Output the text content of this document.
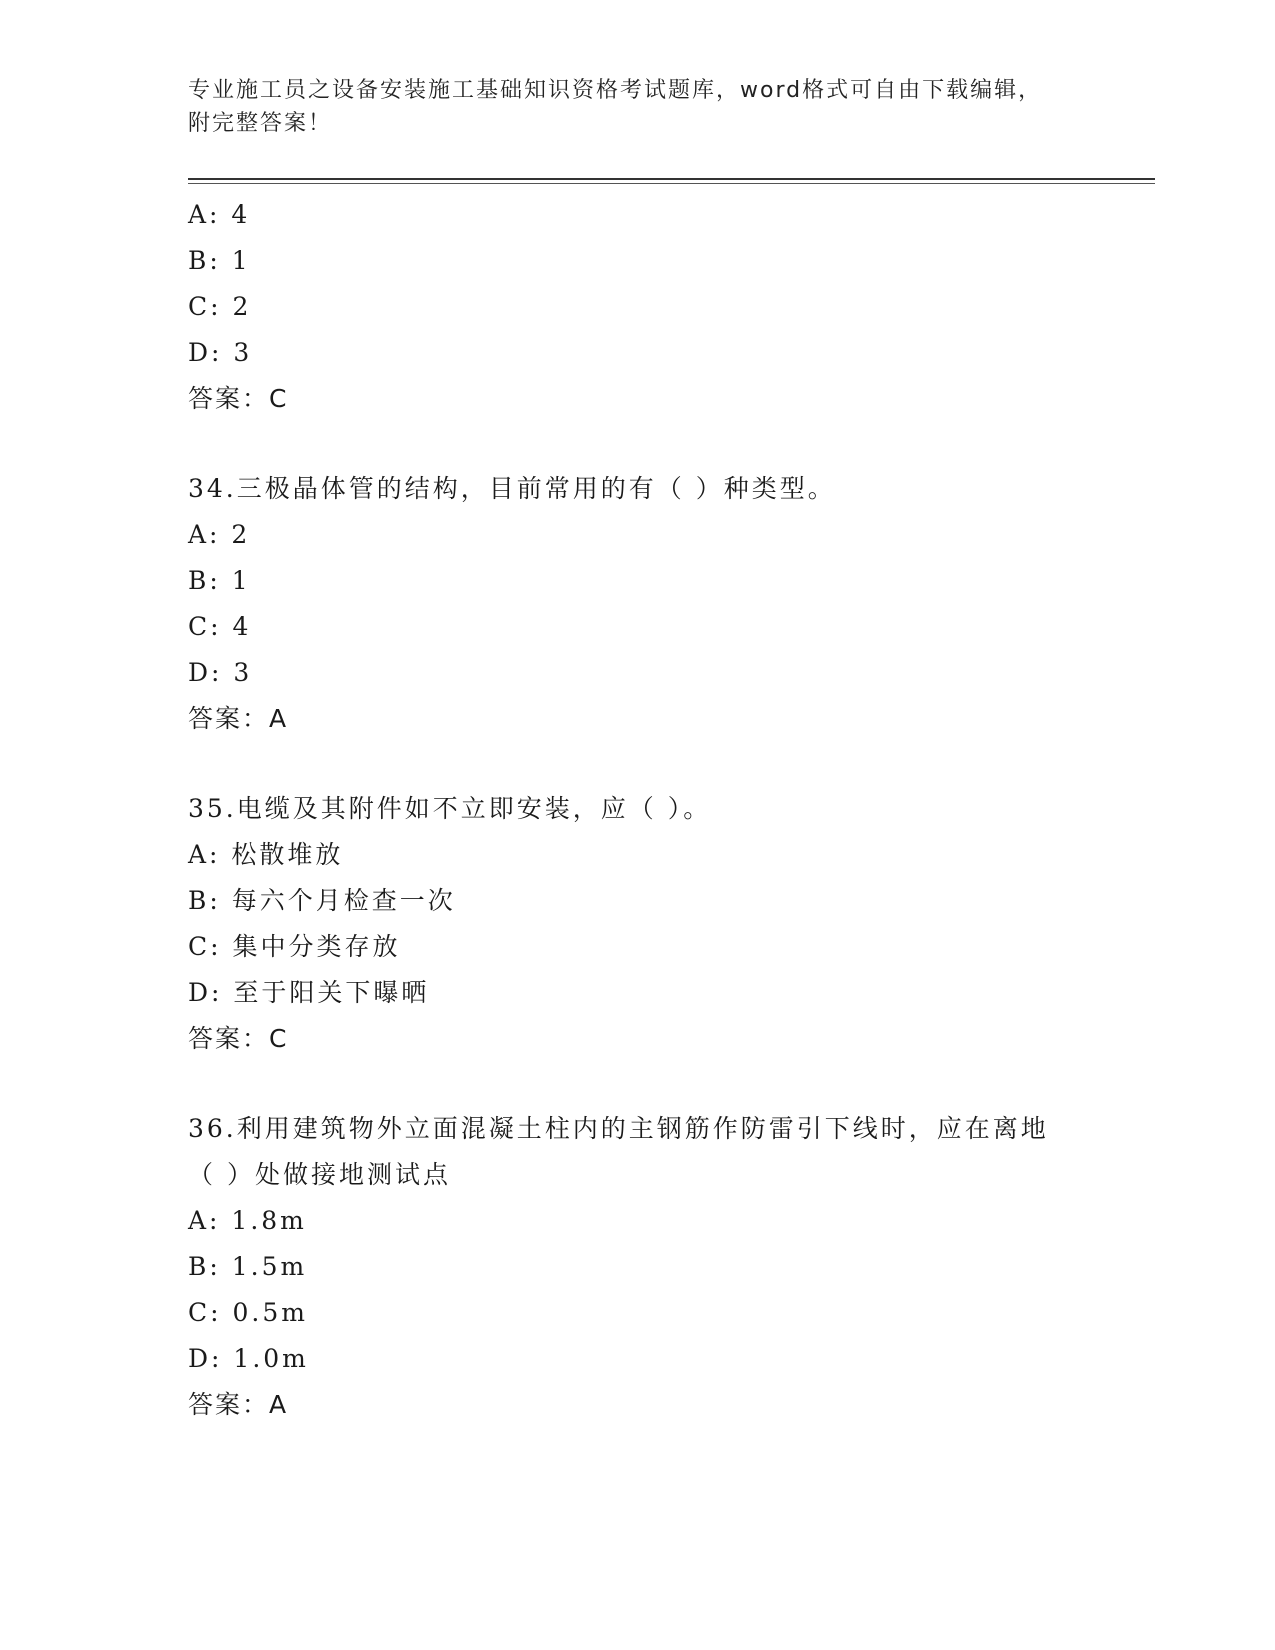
专业施工员之设备安装施工基础知识资格考试题库，word格式可自由下载编辑，
附完整答案！
A: 4
B: 1
C: 2
D: 3
答案：C
34.三极晶体管的结构，目前常用的有（ ）种类型。
A: 2
B: 1
C: 4
D: 3
答案：A
35.电缆及其附件如不立即安装，应（ ）。
A: 松散堆放
B: 每六个月检查一次
C: 集中分类存放
D: 至于阳关下曝晒
答案：C
36.利用建筑物外立面混凝土柱内的主钢筋作防雷引下线时，应在离地
（ ）处做接地测试点
A: 1.8m
B: 1.5m
C: 0.5m
D: 1.0m
答案：A
